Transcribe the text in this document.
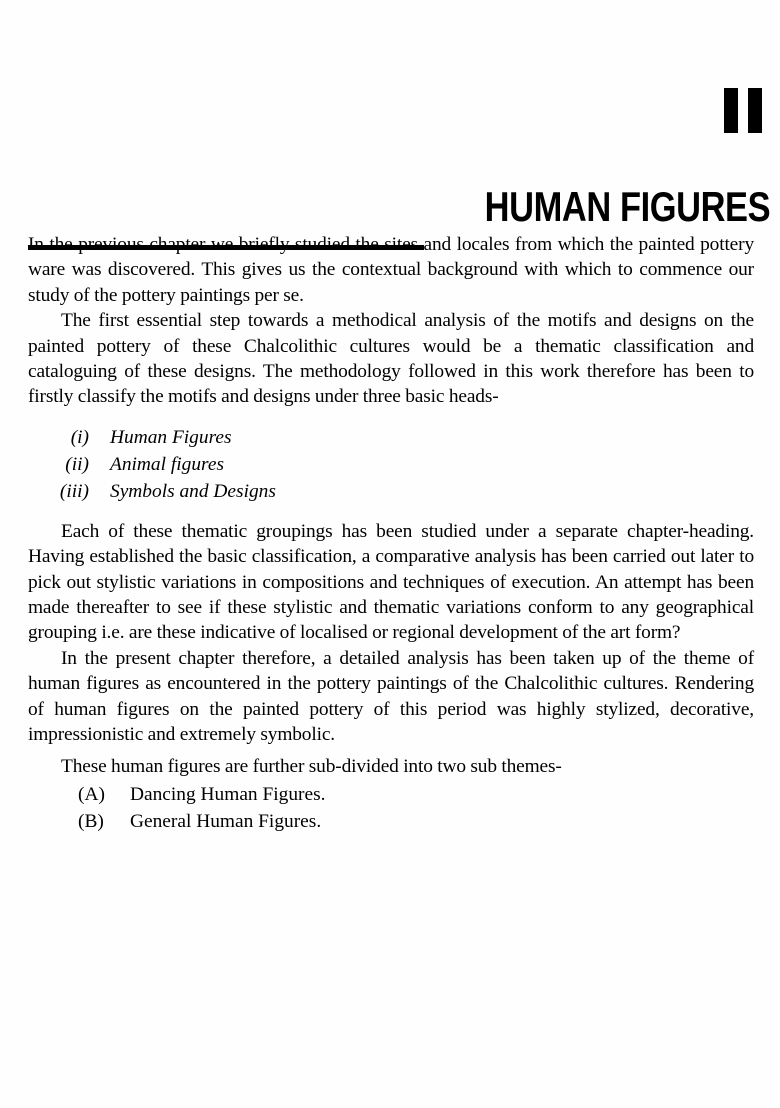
HUMAN FIGURES

In the previous chapter we briefly studied the sites and locales from which the painted pottery ware was discovered. This gives us the contextual background with which to commence our study of the pottery paintings per se.

The first essential step towards a methodical analysis of the motifs and designs on the painted pottery of these Chalcolithic cultures would be a thematic classification and cataloguing of these designs. The methodology followed in this work therefore has been to firstly classify the motifs and designs under three basic heads-

(i)	Human Figures
(ii)	Animal figures
(iii)	Symbols and Designs

Each of these thematic groupings has been studied under a separate chapter-heading. Having established the basic classification, a comparative analysis has been carried out later to pick out stylistic variations in compositions and techniques of execution. An attempt has been made thereafter to see if these stylistic and thematic variations conform to any geographical grouping i.e. are these indicative of localised or regional development of the art form?

In the present chapter therefore, a detailed analysis has been taken up of the theme of human figures as encountered in the pottery paintings of the Chalcolithic cultures. Rendering of human figures on the painted pottery of this period was highly stylized, decorative, impressionistic and extremely symbolic.

These human figures are further sub-divided into two sub themes-

(A)	Dancing Human Figures.
(B)	General Human Figures.
